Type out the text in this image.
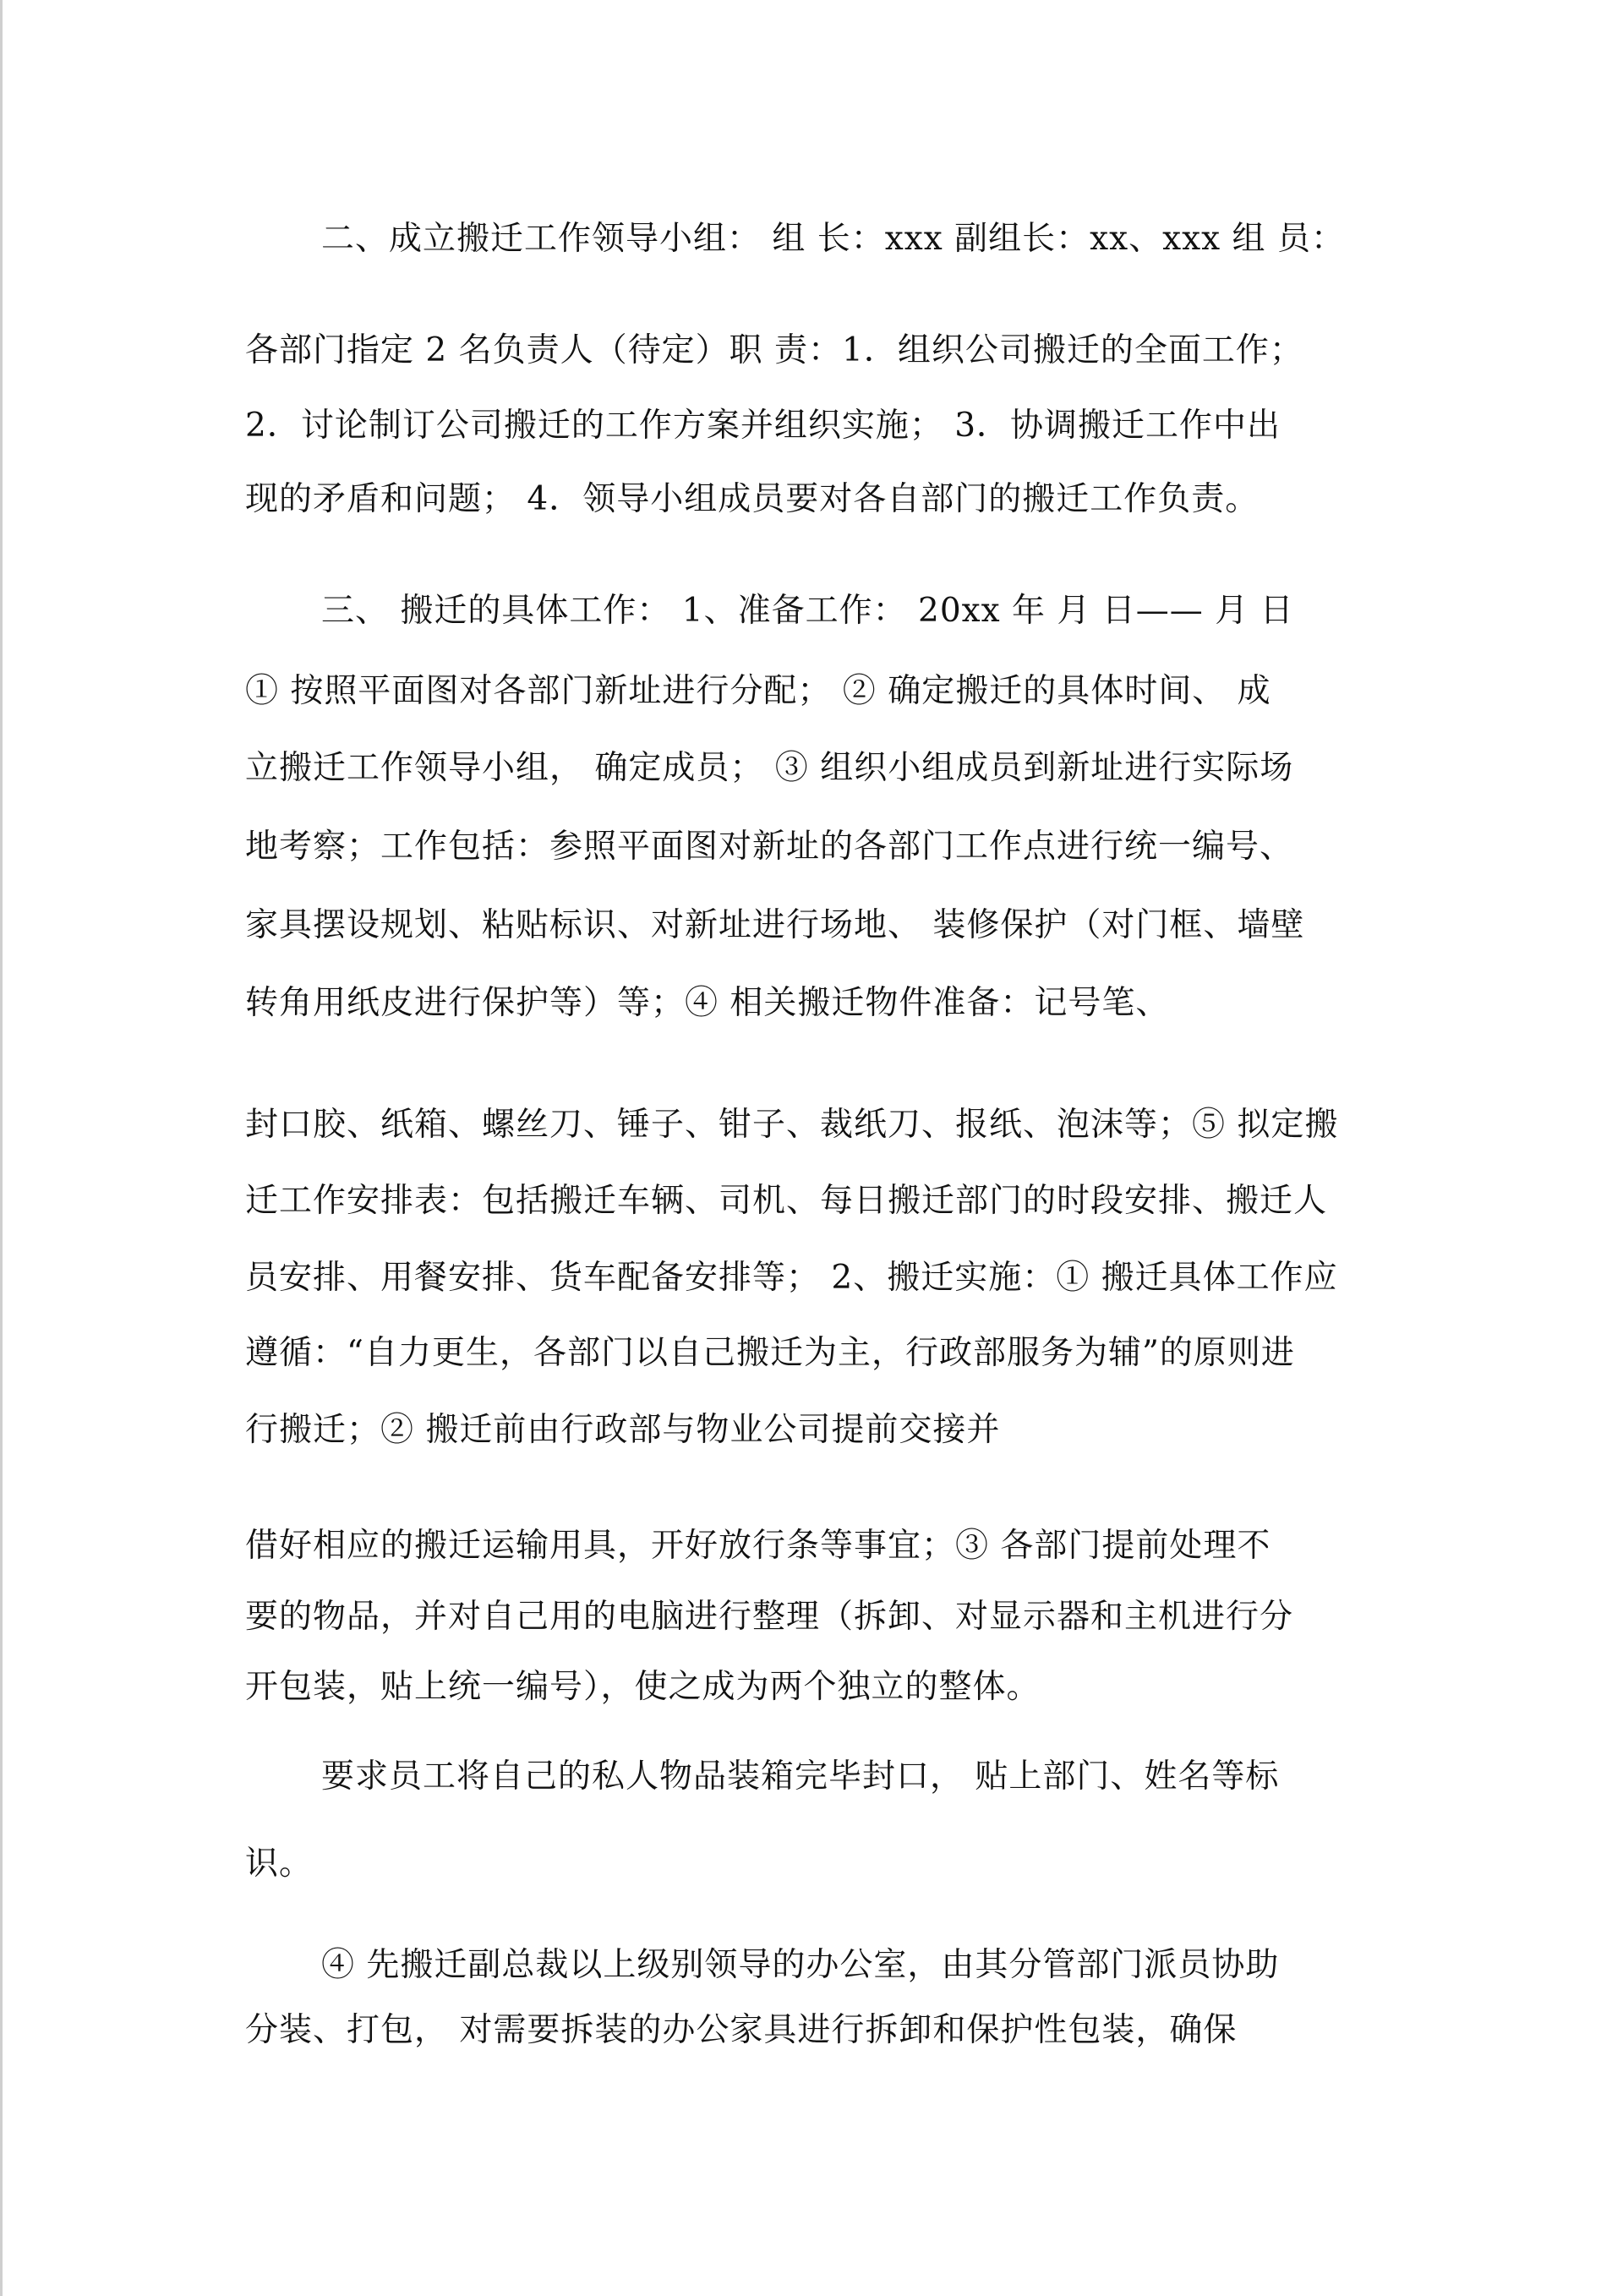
二、成立搬迁工作领导小组： 组 长：xxx 副组长：xx、xxx 组 员：
各部门指定 2 名负责人（待定）职 责：1．组织公司搬迁的全面工作；
2．讨论制订公司搬迁的工作方案并组织实施； 3．协调搬迁工作中出
现的矛盾和问题； 4．领导小组成员要对各自部门的搬迁工作负责。
三、 搬迁的具体工作： 1、准备工作： 20xx 年 月 日—— 月 日
① 按照平面图对各部门新址进行分配； ② 确定搬迁的具体时间、 成
立搬迁工作领导小组， 确定成员； ③ 组织小组成员到新址进行实际场
地考察；工作包括：参照平面图对新址的各部门工作点进行统一编号、
家具摆设规划、粘贴标识、对新址进行场地、 装修保护（对门框、墙壁
转角用纸皮进行保护等）等；④ 相关搬迁物件准备：记号笔、
封口胶、纸箱、螺丝刀、锤子、钳子、裁纸刀、报纸、泡沫等；⑤ 拟定搬
迁工作安排表：包括搬迁车辆、司机、每日搬迁部门的时段安排、搬迁人
员安排、用餐安排、货车配备安排等； 2、搬迁实施：① 搬迁具体工作应
遵循：“自力更生，各部门以自己搬迁为主，行政部服务为辅”的原则进
行搬迁；② 搬迁前由行政部与物业公司提前交接并
借好相应的搬迁运输用具，开好放行条等事宜；③ 各部门提前处理不
要的物品，并对自己用的电脑进行整理（拆卸、对显示器和主机进行分
开包装，贴上统一编号），使之成为两个独立的整体。
要求员工将自己的私人物品装箱完毕封口， 贴上部门、姓名等标
识。
④ 先搬迁副总裁以上级别领导的办公室，由其分管部门派员协助
分装、打包， 对需要拆装的办公家具进行拆卸和保护性包装，确保
